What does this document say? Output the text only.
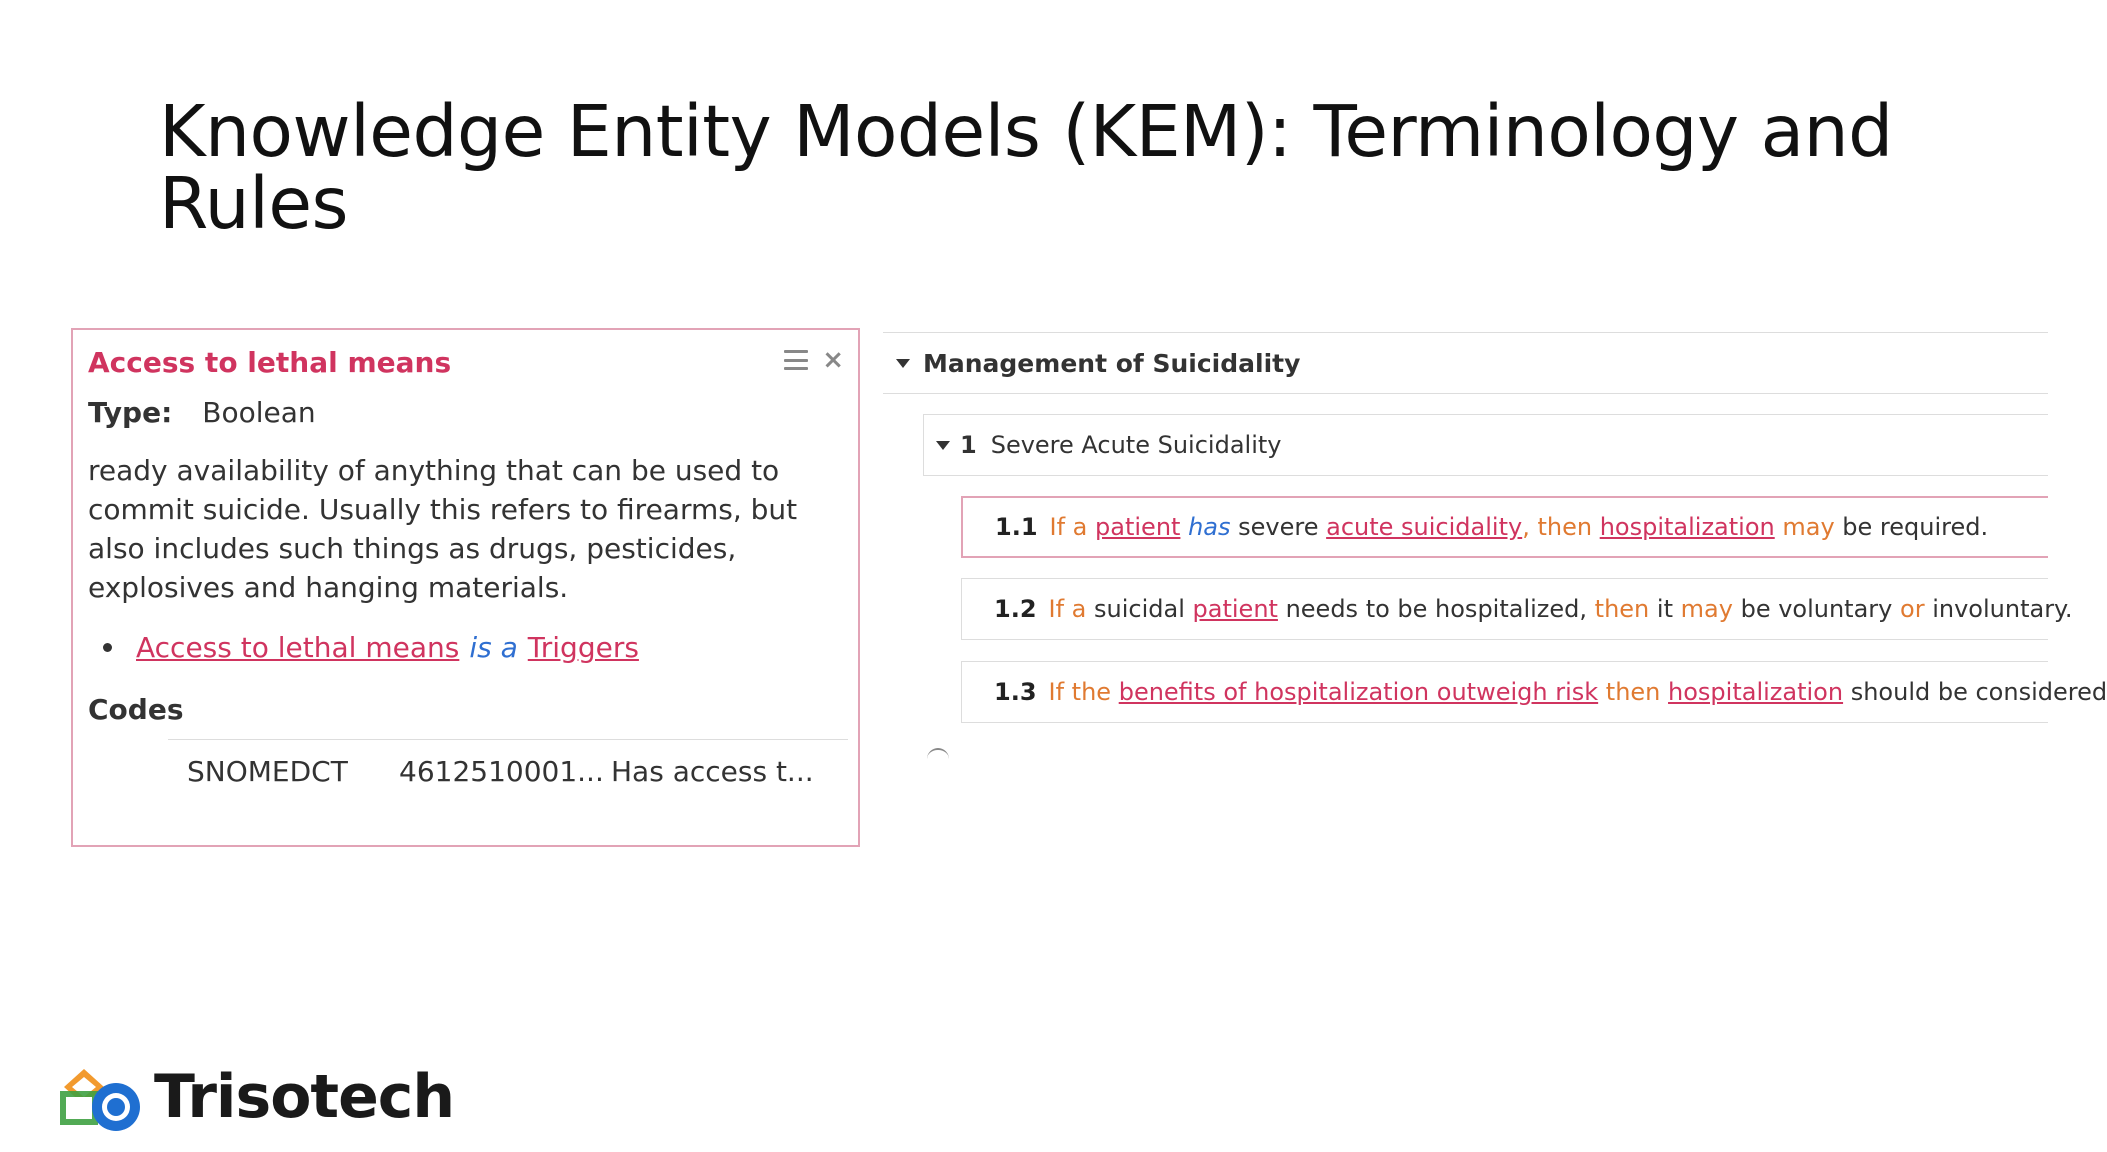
Knowledge Entity Models (KEM): Terminology and Rules
Access to lethal means	×
Type: Boolean

ready availability of anything that can be used to commit suicide. Usually this refers to firearms, but also includes such things as drugs, pesticides, explosives and hanging materials.

Access to lethal means is a Triggers
Codes
SNOMEDCT	4612510001... Has access t...
Management of Suicidality
1 Severe Acute Suicidality
1.1 If a
patient
has
severe
acute suicidality , then
hospitalization
may
be required.
1.2 If a
suicidal
patient
needs to be hospitalized,
then
it
may
be voluntary
or
involuntary.
1.3 If the
benefits of hospitalization outweigh risk
then
hospitalization
should be considered
Trisotech
